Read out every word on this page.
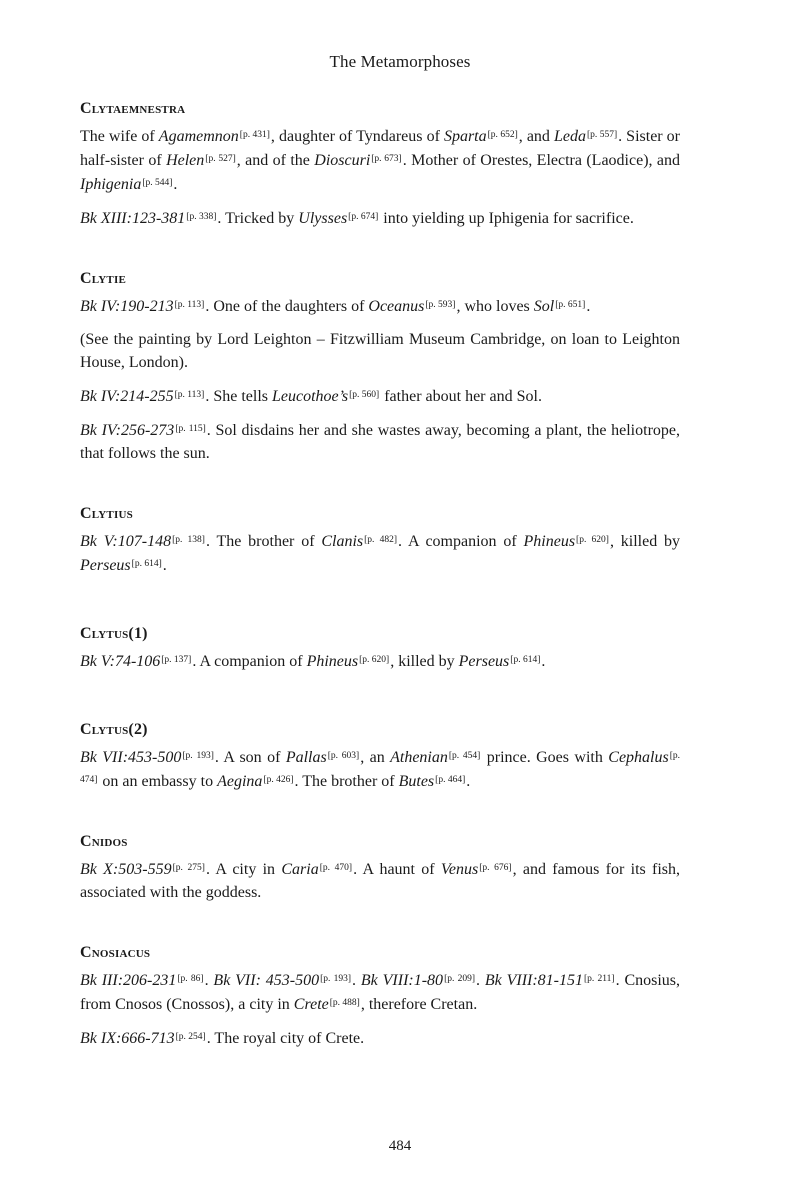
The Metamorphoses
Clytaemnestra

The wife of Agamemnon[p. 431], daughter of Tyndareus of Sparta[p. 652], and Leda[p. 557]. Sister or half-sister of Helen[p. 527], and of the Dioscuri[p. 673]. Mother of Orestes, Electra (Laodice), and Iphigenia[p. 544].

Bk XIII:123-381[p. 338]. Tricked by Ulysses[p. 674] into yielding up Iphigenia for sacrifice.

Clytie

Bk IV:190-213[p. 113]. One of the daughters of Oceanus[p. 593], who loves Sol[p. 651].

(See the painting by Lord Leighton – Fitzwilliam Museum Cambridge, on loan to Leighton House, London).

Bk IV:214-255[p. 113]. She tells Leucothoe’s[p. 560] father about her and Sol.

Bk IV:256-273[p. 115]. Sol disdains her and she wastes away, becoming a plant, the heliotrope, that follows the sun.

Clytius

Bk V:107-148[p. 138]. The brother of Clanis[p. 482]. A companion of Phineus[p. 620], killed by Perseus[p. 614].

Clytus(1)

Bk V:74-106[p. 137]. A companion of Phineus[p. 620], killed by Perseus[p. 614].

Clytus(2)

Bk VII:453-500[p. 193]. A son of Pallas[p. 603], an Athenian[p. 454] prince. Goes with Cephalus[p. 474] on an embassy to Aegina[p. 426]. The brother of Butes[p. 464].

Cnidos

Bk X:503-559[p. 275]. A city in Caria[p. 470]. A haunt of Venus[p. 676], and famous for its fish, associated with the goddess.

Cnosiacus

Bk III:206-231[p. 86]. Bk VII: 453-500[p. 193]. Bk VIII:1-80[p. 209]. Bk VIII:81-151[p. 211]. Cnosius, from Cnosos (Cnossos), a city in Crete[p. 488], therefore Cretan.

Bk IX:666-713[p. 254]. The royal city of Crete.

484
